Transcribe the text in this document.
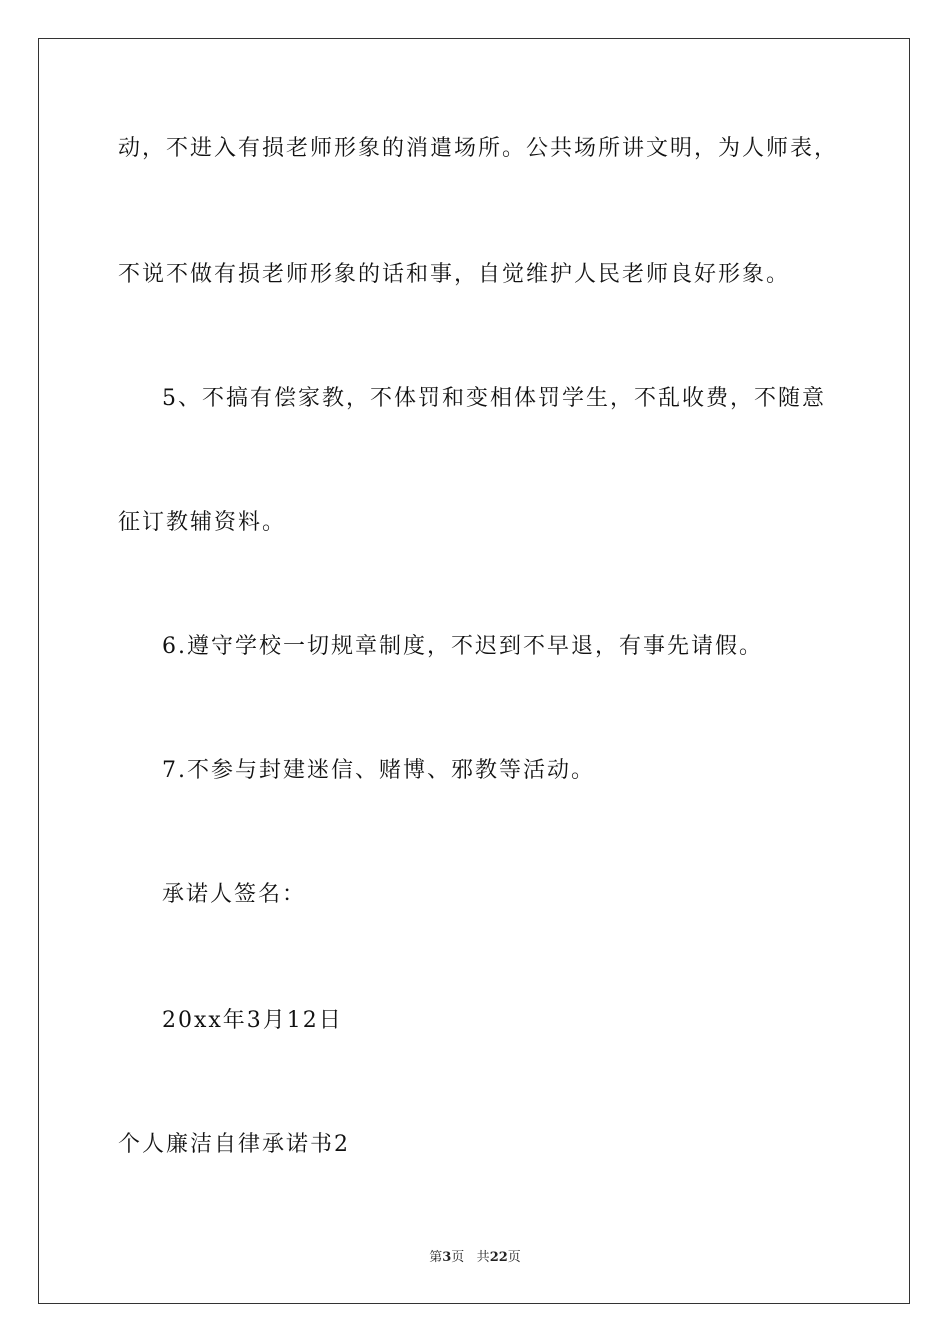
动，不进入有损老师形象的消遣场所。公共场所讲文明，为人师表，
不说不做有损老师形象的话和事，自觉维护人民老师良好形象。
5、不搞有偿家教，不体罚和变相体罚学生，不乱收费，不随意
征订教辅资料。
6.遵守学校一切规章制度，不迟到不早退，有事先请假。
7.不参与封建迷信、赌博、邪教等活动。
承诺人签名：
20xx年3月12日
个人廉洁自律承诺书2
第3页 共22页
